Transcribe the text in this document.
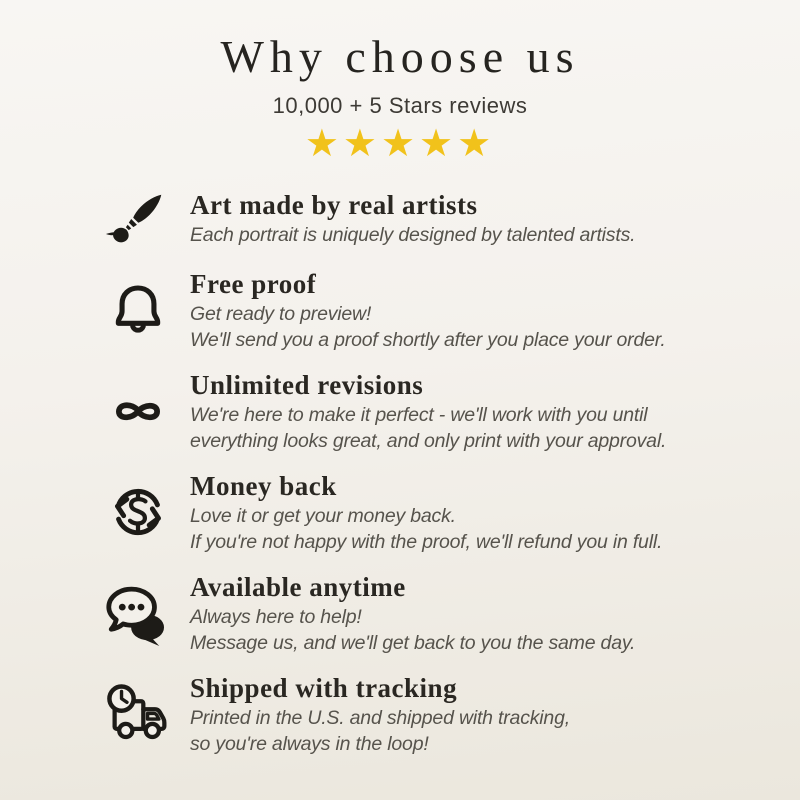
Why choose us
10,000 + 5 Stars reviews
★★★★★
Art made by real artists
Each portrait is uniquely designed by talented artists.
Free proof
Get ready to preview!
We'll send you a proof shortly after you place your order.
Unlimited revisions
We're here to make it perfect - we'll work with you until
everything looks great, and only print with your approval.
Money back
Love it or get your money back.
If you're not happy with the proof, we'll refund you in full.
Available anytime
Always here to help!
Message us, and we'll get back to you the same day.
Shipped with tracking
Printed in the U.S. and shipped with tracking,
so you're always in the loop!
